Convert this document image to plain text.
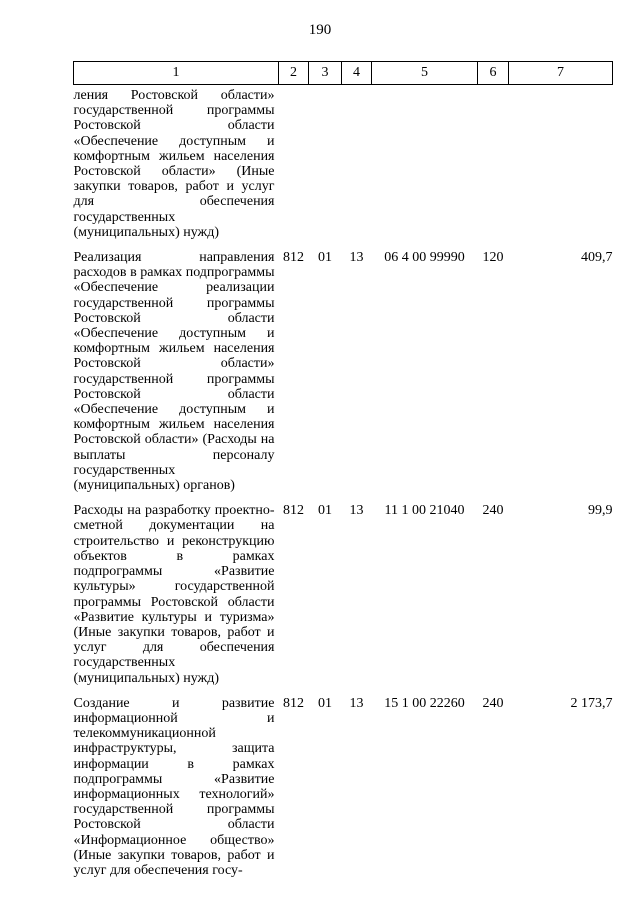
190
1	2	3	4	5	6	7
ления Ростовской области» государственной программы Ростовской области «Обеспечение доступным и комфортным жильем населения Ростовской области» (Иные закупки товаров, работ и услуг для обеспечения государственных (муниципальных) нужд)						
Реализация направления расходов в рамках подпрограммы «Обеспечение реализации государственной программы Ростовской области «Обеспечение доступным и комфортным жильем населения Ростовской области» государственной программы Ростовской области «Обеспечение доступным и комфортным жильем населения Ростовской области» (Расходы на выплаты персоналу государственных (муниципальных) органов)	812	01	13	06 4 00 99990	120	409,7
Расходы на разработку проектно-сметной документации на строительство и реконструкцию объектов в рамках подпрограммы «Развитие культуры» государственной программы Ростовской области «Развитие культуры и туризма» (Иные закупки товаров, работ и услуг для обеспечения государственных (муниципальных) нужд)	812	01	13	11 1 00 21040	240	99,9
Создание и развитие информационной и телекоммуникационной инфраструктуры, защита информации в рамках подпрограммы «Развитие информационных технологий» государственной программы Ростовской области «Информационное общество» (Иные закупки товаров, работ и услуг для обеспечения госу-	812	01	13	15 1 00 22260	240	2 173,7
